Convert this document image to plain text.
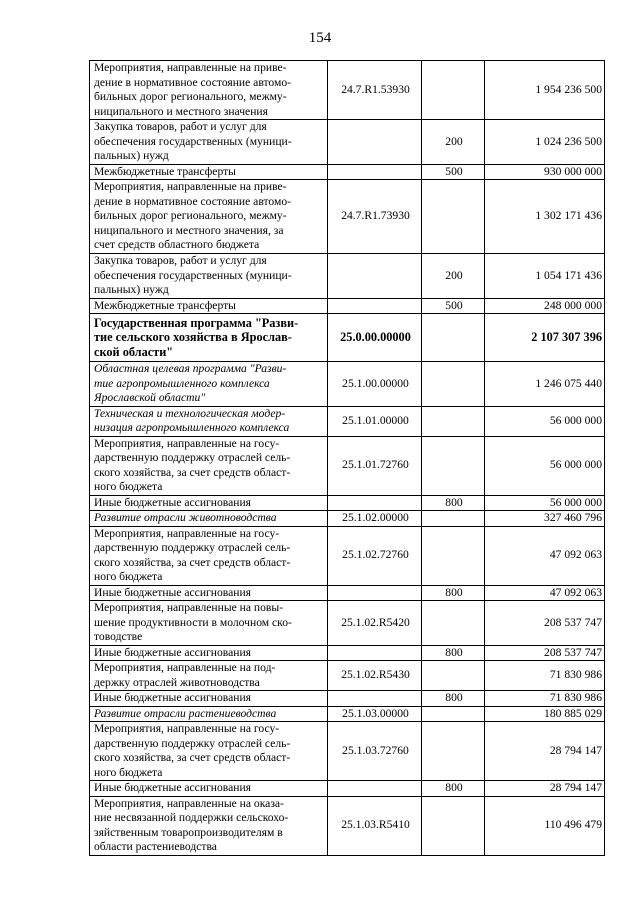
154
Мероприятия, направленные на приве-
дение в нормативное состояние автомо-
бильных дорог регионального, межму-
ниципального и местного значения	24.7.R1.53930		1 954 236 500
Закупка товаров, работ и услуг для
обеспечения государственных (муници-
пальных) нужд		200	1 024 236 500
Межбюджетные трансферты		500	930 000 000
Мероприятия, направленные на приве-
дение в нормативное состояние автомо-
бильных дорог регионального, межму-
ниципального и местного значения, за
счет средств областного бюджета	24.7.R1.73930		1 302 171 436
Закупка товаров, работ и услуг для
обеспечения государственных (муници-
пальных) нужд		200	1 054 171 436
Межбюджетные трансферты		500	248 000 000
Государственная программа "Разви-
тие сельского хозяйства в Ярослав-
ской области"	25.0.00.00000		2 107 307 396
Областная целевая программа "Разви-
тие агропромышленного комплекса
Ярославской области"	25.1.00.00000		1 246 075 440
Техническая и технологическая модер-
низация агропромышленного комплекса	25.1.01.00000		56 000 000
Мероприятия, направленные на госу-
дарственную поддержку отраслей сель-
ского хозяйства, за счет средств област-
ного бюджета	25.1.01.72760		56 000 000
Иные бюджетные ассигнования		800	56 000 000
Развитие отрасли животноводства	25.1.02.00000		327 460 796
Мероприятия, направленные на госу-
дарственную поддержку отраслей сель-
ского хозяйства, за счет средств област-
ного бюджета	25.1.02.72760		47 092 063
Иные бюджетные ассигнования		800	47 092 063
Мероприятия, направленные на повы-
шение продуктивности в молочном ско-
товодстве	25.1.02.R5420		208 537 747
Иные бюджетные ассигнования		800	208 537 747
Мероприятия, направленные на под-
держку отраслей животноводства	25.1.02.R5430		71 830 986
Иные бюджетные ассигнования		800	71 830 986
Развитие отрасли растениеводства	25.1.03.00000		180 885 029
Мероприятия, направленные на госу-
дарственную поддержку отраслей сель-
ского хозяйства, за счет средств област-
ного бюджета	25.1.03.72760		28 794 147
Иные бюджетные ассигнования		800	28 794 147
Мероприятия, направленные на оказа-
ние несвязанной поддержки сельскохо-
зяйственным товаропроизводителям в
области растениеводства	25.1.03.R5410		110 496 479
